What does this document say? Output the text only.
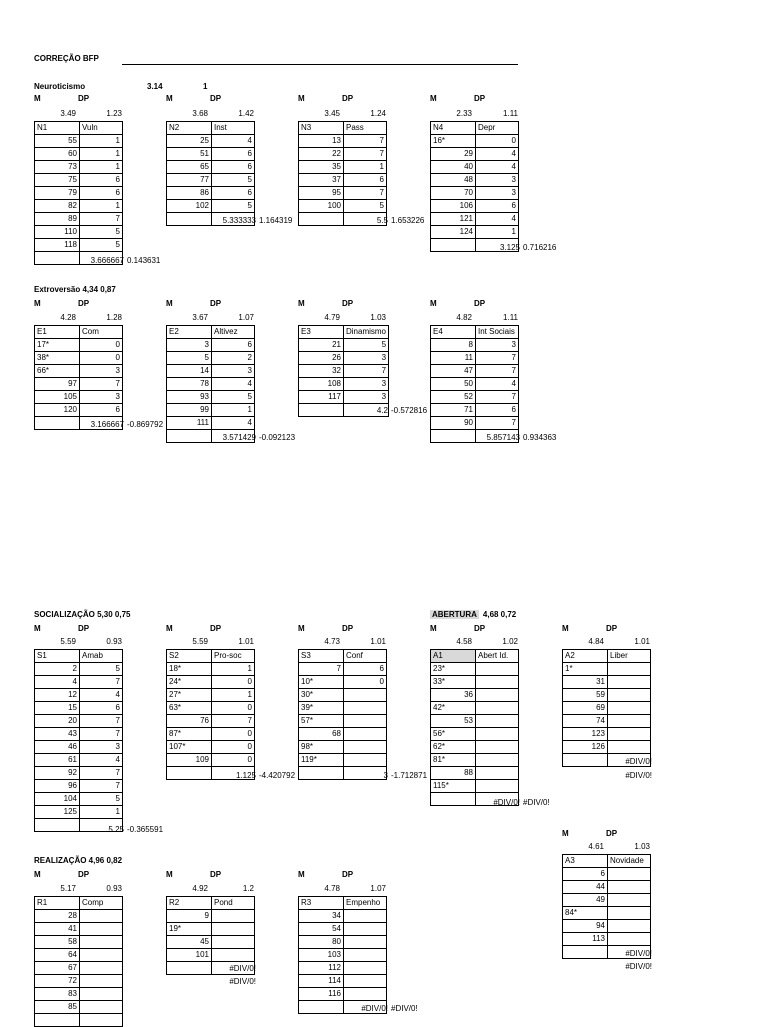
CORREÇÃO BFP
Neuroticismo	3.14	1
M	DP
3.49	1.23
N1	Vuln
55	1
60	1
73	1
75	6
79	6
82	1
89	7
110	5
118	5

3.666667 0.143631
M	DP
3.68	1.42
N2	Inst
25	4
51	6
65	6
77	5
86	6
102	5

5.333333 1.164319
M	DP
3.45	1.24
N3	Pass
13	7
22	7
35	1
37	6
95	7
100	5

5.5 1.653226
M	DP
2.33	1.11
N4	Depr
16*	0
29	4
40	4
48	3
70	3
106	6
121	4
124	1

3.125 0.716216
Extroversão 4,34 0,87
M	DP
4.28	1.28
E1	Com
17*	0
38*	0
66*	3
97	7
105	3
120	6

3.166667 -0.869792
M	DP
3.67	1.07
E2	Altivez
3	6
5	2
14	3
78	4
93	5
99	1
111	4

3.571429 -0.092123
M	DP
4.79	1.03
E3	Dinamismo
21	5
26	3
32	7
108	3
117	3

4.2 -0.572816
M	DP
4.82	1.11
E4	Int Sociais
8	3
11	7
47	7
50	4
52	7
71	6
90	7

5.857143 0.934363
SOCIALIZAÇÃO 5,30 0,75
M	DP
5.59	0.93
S1	Amab
2	5
4	7
12	4
15	6
20	7
43	7
46	3
61	4
92	7
96	7
104	5
125	1

5.25 -0.365591
M	DP
5.59	1.01
S2	Pro-soc
18*	1
24*	0
27*	1
63*	0
76	7
87*	0
107*	0
109	0

1.125 -4.420792
M	DP
4.73	1.01
S3	Conf
7	6
10*	0
30*	
39*	
57*	
68	
98*	
119*	

3 -1.712871
ABERTURA 4,68 0,72
M	DP
4.58	1.02
A1	Abert Id.
23*	
33*	
36	
42*	
53	
56*	
62*	
81*	
88	
115*	

#DIV/0! #DIV/0!
M	DP
4.84	1.01
A2	Liber
1*	
31	
59	
69	
74	
123	
126	

#DIV/0!
#DIV/0!
M	DP
4.61	1.03
A3	Novidade
6	
44	
49	
84*	
94	
113	

#DIV/0!
#DIV/0!
REALIZAÇÃO 4,96 0,82
M	DP
5.17	0.93
R1	Comp
28	
41	
58	
64	
67	
72	
83	
85	

M	DP
4.92	1.2
R2	Pond
9	
19*	
45	
101	

#DIV/0!
#DIV/0!
M	DP
4.78	1.07
R3	Empenho
34	
54	
80	
103	
112	
114	
116	

#DIV/0! #DIV/0!
